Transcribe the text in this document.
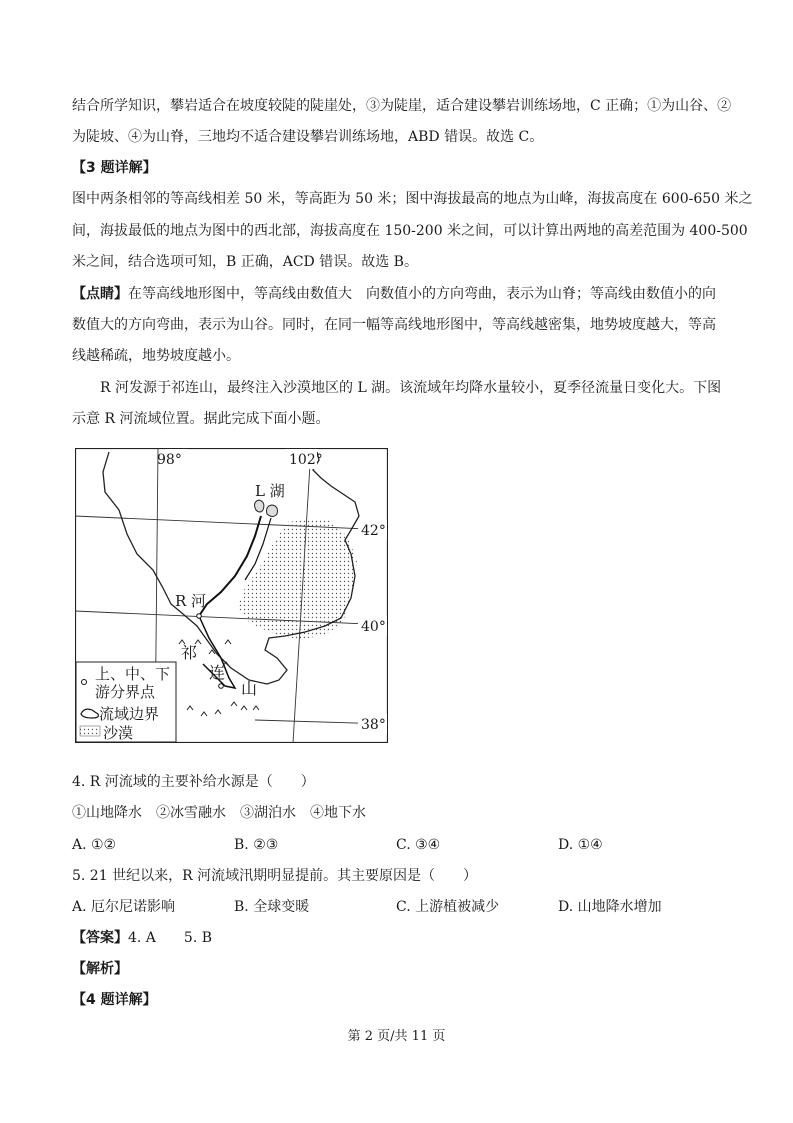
结合所学知识，攀岩适合在坡度较陡的陡崖处，③为陡崖，适合建设攀岩训练场地，C 正确；①为山谷、②

为陡坡、④为山脊，三地均不适合建设攀岩训练场地，ABD 错误。故选 C。

【3 题详解】

图中两条相邻的等高线相差 50 米，等高距为 50 米；图中海拔最高的地点为山峰，海拔高度在 600-650 米之

间，海拔最低的地点为图中的西北部，海拔高度在 150-200 米之间，可以计算出两地的高差范围为 400-500

米之间，结合选项可知，B 正确，ACD 错误。故选 B。

【点睛】在等高线地形图中，等高线由数值大　向数值小的方向弯曲，表示为山脊；等高线由数值小的向

数值大的方向弯曲，表示为山谷。同时，在同一幅等高线地形图中，等高线越密集，地势坡度越大，等高

线越稀疏，地势坡度越小。

R 河发源于祁连山，最终注入沙漠地区的 L 湖。该流域年均降水量较小，夏季径流量日变化大。下图

示意 R 河流域位置。据此完成下面小题。

98°	102°
42°
40°
38°
L 湖
R 河
祁
连
山
上、中、下
游分界点
流域边界
沙漠

4. R 河流域的主要补给水源是（　　）

①山地降水　②冰雪融水　③湖泊水　④地下水

A. ①②	B. ②③	C. ③④	D. ①④

5. 21 世纪以来，R 河流域汛期明显提前。其主要原因是（　　）

A. 厄尔尼诺影响	B. 全球变暖	C. 上游植被减少	D. 山地降水增加

【答案】4. A　　5. B

【解析】

【4 题详解】

第 2 页/共 11 页
